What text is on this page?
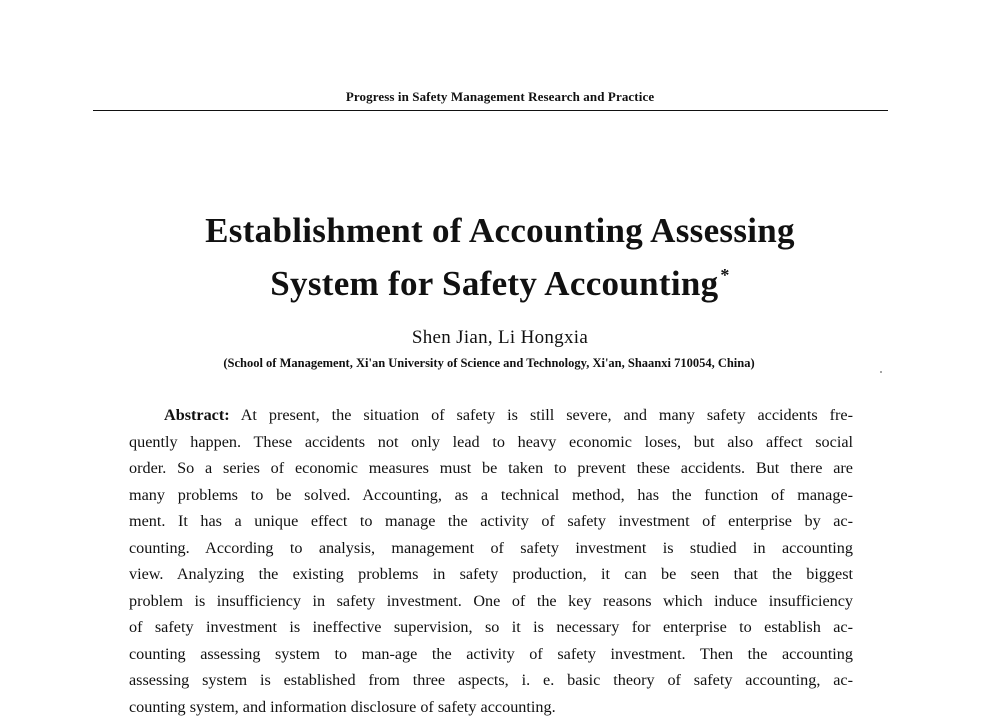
Progress in Safety Management Research and Practice
Establishment of Accounting Assessing
System for Safety Accounting *
Shen Jian, Li Hongxia
(School of Management, Xi'an University of Science and Technology, Xi'an, Shaanxi 710054, China)
Abstract: At present, the situation of safety is still severe, and many safety accidents fre-
quently happen. These accidents not only lead to heavy economic loses, but also affect social
order. So a series of economic measures must be taken to prevent these accidents. But there are
many problems to be solved. Accounting, as a technical method, has the function of manage-
ment. It has a unique effect to manage the activity of safety investment of enterprise by ac-
counting. According to analysis, management of safety investment is studied in accounting
view. Analyzing the existing problems in safety production, it can be seen that the biggest
problem is insufficiency in safety investment. One of the key reasons which induce insufficiency
of safety investment is ineffective supervision, so it is necessary for enterprise to establish ac-
counting assessing system to man-age the activity of safety investment. Then the accounting
assessing system is established from three aspects, i. e. basic theory of safety accounting, ac-
counting system, and information disclosure of safety accounting.
